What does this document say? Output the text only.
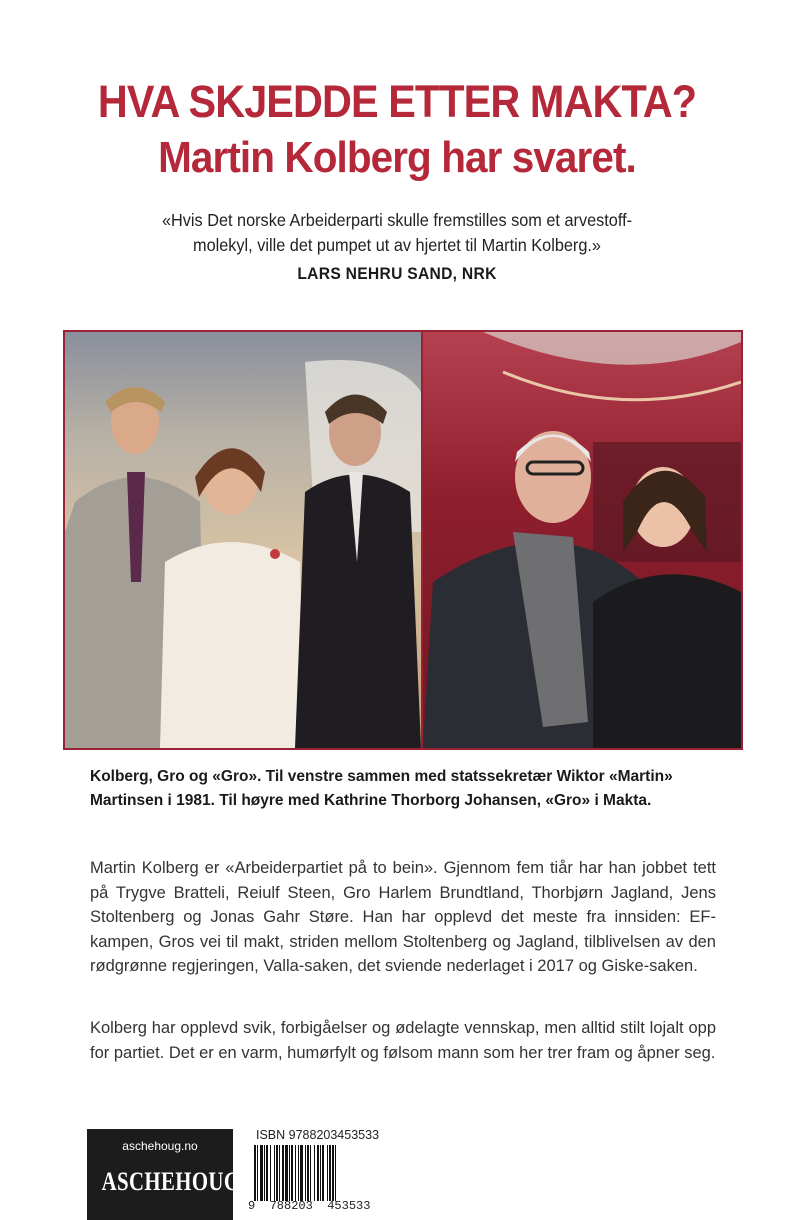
HVA SKJEDDE ETTER MAKTA?
Martin Kolberg har svaret.
«Hvis Det norske Arbeiderparti skulle fremstilles som et arvestoff-molekyl, ville det pumpet ut av hjertet til Martin Kolberg.»
LARS NEHRU SAND, NRK
Kolberg, Gro og «Gro». Til venstre sammen med statssekretær Wiktor «Martin» Martinsen i 1981. Til høyre med Kathrine Thorborg Johansen, «Gro» i Makta.
Martin Kolberg er «Arbeiderpartiet på to bein». Gjennom fem tiår har han jobbet tett på Trygve Bratteli, Reiulf Steen, Gro Harlem Brundtland, Thorbjørn Jagland, Jens Stoltenberg og Jonas Gahr Støre. Han har opplevd det meste fra innsiden: EF-kampen, Gros vei til makt, striden mellom Stoltenberg og Jagland, tilblivelsen av den rødgrønne regjeringen, Valla-saken, det sviende nederlaget i 2017 og Giske-saken.
Kolberg har opplevd svik, forbigåelser og ødelagte vennskap, men alltid stilt lojalt opp for partiet. Det er en varm, humørfylt og følsom mann som her trer fram og åpner seg.
aschehoug.no
ASCHEHOUG
ISBN 9788203453533
9  788203  453533
